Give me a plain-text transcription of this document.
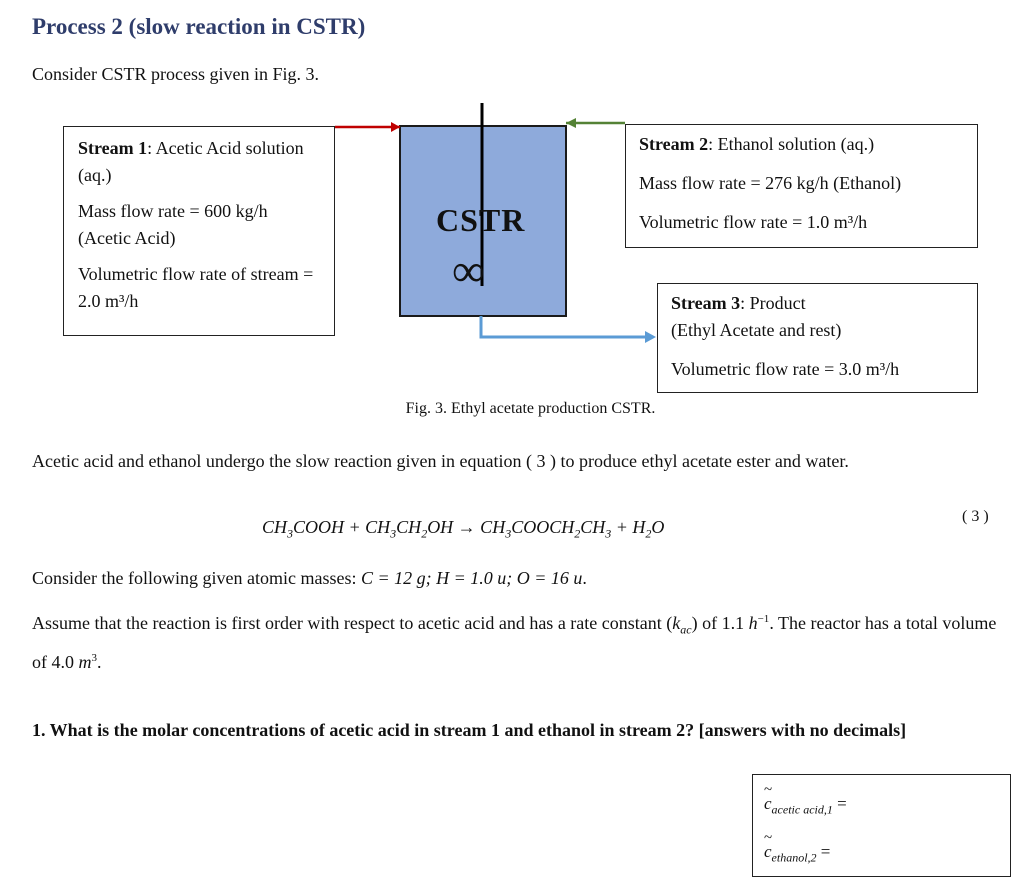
Process 2 (slow reaction in CSTR)
Consider CSTR process given in Fig. 3.
CSTR
∞
Stream 1: Acetic Acid solution (aq.)
Mass flow rate = 600 kg/h (Acetic Acid)
Volumetric flow rate of stream = 2.0 m³/h
Stream 2: Ethanol solution (aq.)
Mass flow rate = 276 kg/h (Ethanol)
Volumetric flow rate = 1.0 m³/h
Stream 3: Product
(Ethyl Acetate and rest)
Volumetric flow rate = 3.0 m³/h
Fig. 3. Ethyl acetate production CSTR.
Acetic acid and ethanol undergo the slow reaction given in equation ( 3 ) to produce ethyl acetate ester and water.
$CH_3COOH + CH_3CH_2OH$ → $CH_3COOCH_2CH_3 + H_2O$
( 3 )
Consider the following given atomic masses: C = 12 g; H = 1.0 u; O = 16 u.
Assume that the reaction is first order with respect to acetic acid and has a rate constant $(k_{ac})$ of 1.1 $h^{-1}$. The reactor has a total volume of 4.0 $m^3$.
1. What is the molar concentrations of acetic acid in stream 1 and ethanol in stream 2? [answers with no decimals]
~ $c_{acetic acid,1}$ =
~ $c_{ethanol,2}$ =
